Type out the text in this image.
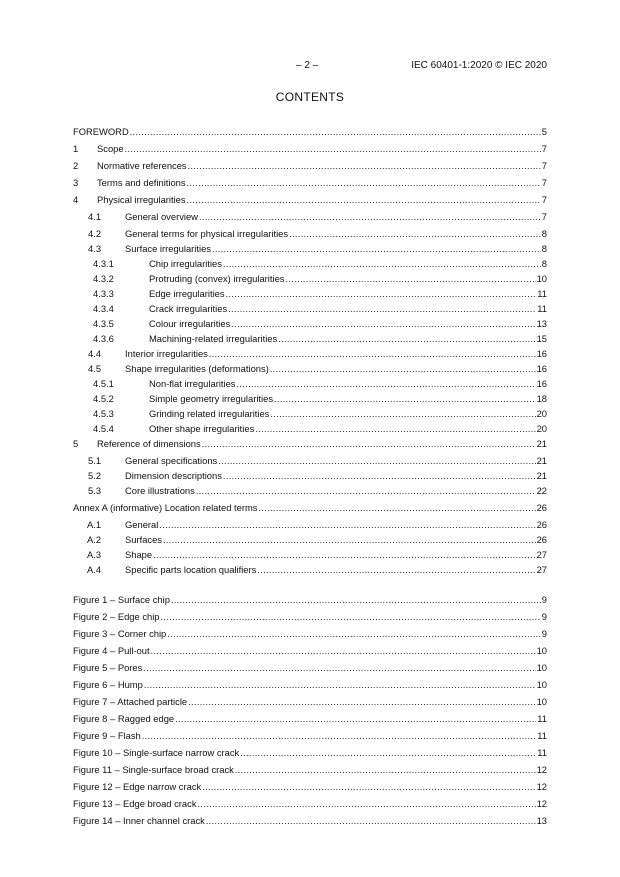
– 2 –	IEC 60401-1:2020 © IEC 2020
CONTENTS
FOREWORD .....	5
1	Scope .....	7
2	Normative references .....	7
3	Terms and definitions .....	7
4	Physical irregularities .....	7
4.1	General overview .....	7
4.2	General terms for physical irregularities .....	8
4.3	Surface irregularities .....	8
4.3.1	Chip irregularities .....	8
4.3.2	Protruding (convex) irregularities .....	10
4.3.3	Edge irregularities .....	11
4.3.4	Crack irregularities .....	11
4.3.5	Colour irregularities .....	13
4.3.6	Machining-related irregularities .....	15
4.4	Interior irregularities .....	16
4.5	Shape irregularities (deformations) .....	16
4.5.1	Non-flat irregularities .....	16
4.5.2	Simple geometry irregularities .....	18
4.5.3	Grinding related irregularities .....	20
4.5.4	Other shape irregularities .....	20
5	Reference of dimensions .....	21
5.1	General specifications .....	21
5.2	Dimension descriptions .....	21
5.3	Core illustrations .....	22
Annex A (informative) Location related terms .....	26
A.1	General .....	26
A.2	Surfaces .....	26
A.3	Shape .....	27
A.4	Specific parts location qualifiers .....	27
Figure 1 – Surface chip .....	9
Figure 2 – Edge chip .....	9
Figure 3 – Corner chip .....	9
Figure 4 – Pull-out .....	10
Figure 5 – Pores .....	10
Figure 6 – Hump .....	10
Figure 7 – Attached particle .....	10
Figure 8 – Ragged edge .....	11
Figure 9 – Flash .....	11
Figure 10 – Single-surface narrow crack .....	11
Figure 11 – Single-surface broad crack .....	12
Figure 12 – Edge narrow crack .....	12
Figure 13 – Edge broad crack .....	12
Figure 14 – Inner channel crack .....	13
